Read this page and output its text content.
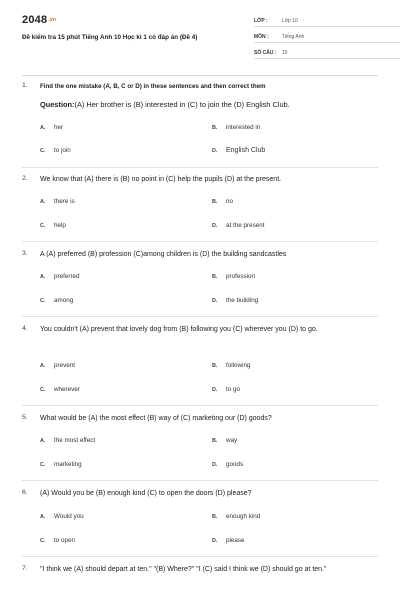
2048.vn
Đề kiểm tra 15 phút Tiếng Anh 10 Học kì 1 có đáp án (Đề 4)
LỚP :	Lớp 10
MÔN :	Tiếng Anh
SỐ CÂU : 15
1. Find the one mistake (A, B, C or D) in these sentences and then correct them
Question:(A) Her brother is (B) interested in (C) to join the (D) English Club.
A. her	B. interested in
C. to join	D. English Club
2. We know that (A) there is (B) no point in (C) help the pupils (D) at the present.
A. there is	B. no
C. help	D. at the present
3. A (A) preferred (B) profession (C)among children is (D) the building sandcastles
A. preferred	B. profession
C. among	D. the building
4. You couldn't (A) prevent that lovely dog from (B) following you (C) wherever you (D) to go.
A. prevent	B. following
C. wherever	D. to go
5. What would be (A) the most effect (B) way of (C) marketing our (D) goods?
A. the most effect	B. way
C. marketing	D. goods
6. (A) Would you be (B) enough kind (C) to open the doors (D) please?
A. Would you	B. enough kind
C. to open	D. please
7. "I think we (A) should depart at ten." "(B) Where?" "I (C) said I think we (D) should go at ten."
